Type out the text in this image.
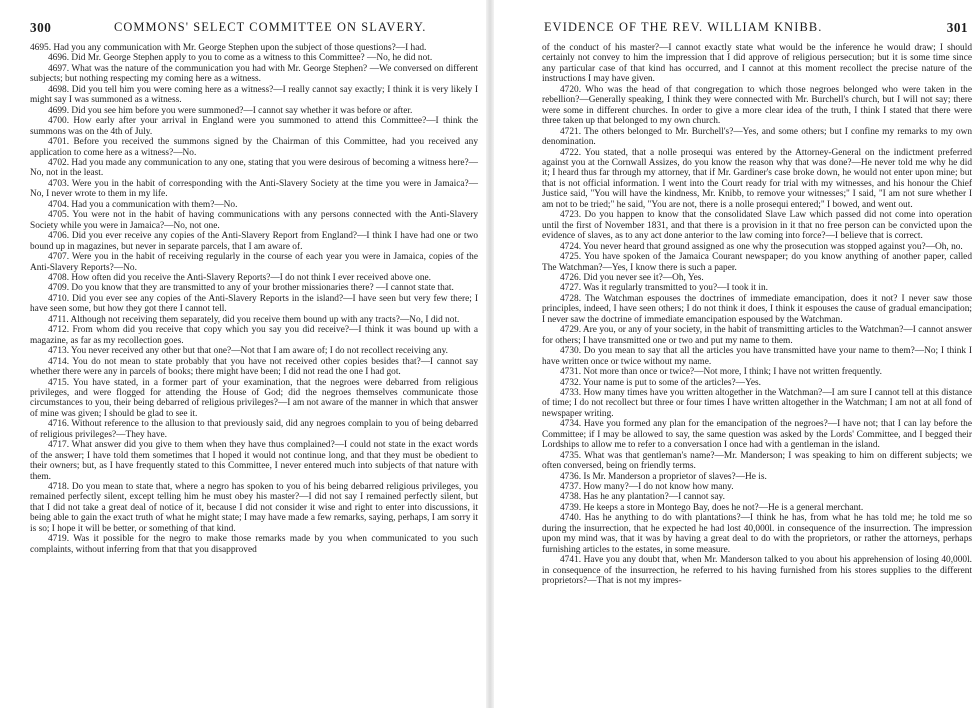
300	COMMONS' SELECT COMMITTEE ON SLAVERY.

4695. Had you any communication with Mr. George Stephen upon the subject of those questions?—I had.

4696. Did Mr. George Stephen apply to you to come as a witness to this Committee? —No, he did not.

4697. What was the nature of the communication you had with Mr. George Stephen? —We conversed on different subjects; but nothing respecting my coming here as a witness.

4698. Did you tell him you were coming here as a witness?—I really cannot say exactly; I think it is very likely I might say I was summoned as a witness.

4699. Did you see him before you were summoned?—I cannot say whether it was before or after.

4700. How early after your arrival in England were you summoned to attend this Committee?—I think the summons was on the 4th of July.

4701. Before you received the summons signed by the Chairman of this Committee, had you received any application to come here as a witness?—No.

4702. Had you made any communication to any one, stating that you were desirous of becoming a witness here?—No, not in the least.

4703. Were you in the habit of corresponding with the Anti-Slavery Society at the time you were in Jamaica?—No, I never wrote to them in my life.

4704. Had you a communication with them?—No.

4705. You were not in the habit of having communications with any persons connected with the Anti-Slavery Society while you were in Jamaica?—No, not one.

4706. Did you ever receive any copies of the Anti-Slavery Report from England?—I think I have had one or two bound up in magazines, but never in separate parcels, that I am aware of.

4707. Were you in the habit of receiving regularly in the course of each year you were in Jamaica, copies of the Anti-Slavery Reports?—No.

4708. How often did you receive the Anti-Slavery Reports?—I do not think I ever received above one.

4709. Do you know that they are transmitted to any of your brother missionaries there? —I cannot state that.

4710. Did you ever see any copies of the Anti-Slavery Reports in the island?—I have seen but very few there; I have seen some, but how they got there I cannot tell.

4711. Although not receiving them separately, did you receive them bound up with any tracts?—No, I did not.

4712. From whom did you receive that copy which you say you did receive?—I think it was bound up with a magazine, as far as my recollection goes.

4713. You never received any other but that one?—Not that I am aware of; I do not recollect receiving any.

4714. You do not mean to state probably that you have not received other copies besides that?—I cannot say whether there were any in parcels of books; there might have been; I did not read the one I had got.

4715. You have stated, in a former part of your examination, that the negroes were debarred from religious privileges, and were flogged for attending the House of God; did the negroes themselves communicate those circumstances to you, their being debarred of religious privileges?—I am not aware of the manner in which that answer of mine was given; I should be glad to see it.

4716. Without reference to the allusion to that previously said, did any negroes complain to you of being debarred of religious privileges?—They have.

4717. What answer did you give to them when they have thus complained?—I could not state in the exact words of the answer; I have told them sometimes that I hoped it would not continue long, and that they must be obedient to their owners; but, as I have frequently stated to this Committee, I never entered much into subjects of that nature with them.

4718. Do you mean to state that, where a negro has spoken to you of his being debarred religious privileges, you remained perfectly silent, except telling him he must obey his master?—I did not say I remained perfectly silent, but that I did not take a great deal of notice of it, because I did not consider it wise and right to enter into discussions, it being able to gain the exact truth of what he might state; I may have made a few remarks, saying, perhaps, I am sorry it is so; I hope it will be better, or something of that kind.

4719. Was it possible for the negro to make those remarks made by you when communicated to you such complaints, without inferring from that that you disapproved

EVIDENCE OF THE REV. WILLIAM KNIBB.	301

of the conduct of his master?—I cannot exactly state what would be the inference he would draw; I should certainly not convey to him the impression that I did approve of religious persecution; but it is some time since any particular case of that kind has occurred, and I cannot at this moment recollect the precise nature of the instructions I may have given.

4720. Who was the head of that congregation to which those negroes belonged who were taken in the rebellion?—Generally speaking, I think they were connected with Mr. Burchell's church, but I will not say; there were some in different churches. In order to give a more clear idea of the truth, I think I stated that there were three taken up that belonged to my own church.

4721. The others belonged to Mr. Burchell's?—Yes, and some others; but I confine my remarks to my own denomination.

4722. You stated, that a nolle prosequi was entered by the Attorney-General on the indictment preferred against you at the Cornwall Assizes, do you know the reason why that was done?—He never told me why he did it; I heard thus far through my attorney, that if Mr. Gardiner's case broke down, he would not enter upon mine; but that is not official information. I went into the Court ready for trial with my witnesses, and his honour the Chief Justice said, "You will have the kindness, Mr. Knibb, to remove your witnesses;" I said, "I am not sure whether I am not to be tried;" he said, "You are not, there is a nolle prosequi entered;" I bowed, and went out.

4723. Do you happen to know that the consolidated Slave Law which passed did not come into operation until the first of November 1831, and that there is a provision in it that no free person can be convicted upon the evidence of slaves, as to any act done anterior to the law coming into force?—I believe that is correct.

4724. You never heard that ground assigned as one why the prosecution was stopped against you?—Oh, no.

4725. You have spoken of the Jamaica Courant newspaper; do you know anything of another paper, called The Watchman?—Yes, I know there is such a paper.

4726. Did you never see it?—Oh, Yes.

4727. Was it regularly transmitted to you?—I took it in.

4728. The Watchman espouses the doctrines of immediate emancipation, does it not? I never saw those principles, indeed, I have seen others; I do not think it does, I think it espouses the cause of gradual emancipation; I never saw the doctrine of immediate emancipation espoused by the Watchman.

4729. Are you, or any of your society, in the habit of transmitting articles to the Watchman?—I cannot answer for others; I have transmitted one or two and put my name to them.

4730. Do you mean to say that all the articles you have transmitted have your name to them?—No; I think I have written once or twice without my name.

4731. Not more than once or twice?—Not more, I think; I have not written frequently.

4732. Your name is put to some of the articles?—Yes.

4733. How many times have you written altogether in the Watchman?—I am sure I cannot tell at this distance of time; I do not recollect but three or four times I have written altogether in the Watchman; I am not at all fond of newspaper writing.

4734. Have you formed any plan for the emancipation of the negroes?—I have not; that I can lay before the Committee; if I may be allowed to say, the same question was asked by the Lords' Committee, and I begged their Lordships to allow me to refer to a conversation I once had with a gentleman in the island.

4735. What was that gentleman's name?—Mr. Manderson; I was speaking to him on different subjects; we often conversed, being on friendly terms.

4736. Is Mr. Manderson a proprietor of slaves?—He is.

4737. How many?—I do not know how many.

4738. Has he any plantation?—I cannot say.

4739. He keeps a store in Montego Bay, does he not?—He is a general merchant.

4740. Has he anything to do with plantations?—I think he has, from what he has told me; he told me so during the insurrection, that he expected he had lost 40,000l. in consequence of the insurrection. The impression upon my mind was, that it was by having a great deal to do with the proprietors, or rather the attorneys, perhaps furnishing articles to the estates, in some measure.

4741. Have you any doubt that, when Mr. Manderson talked to you about his apprehension of losing 40,000l. in consequence of the insurrection, he referred to his having furnished from his stores supplies to the different proprietors?—That is not my impres-
